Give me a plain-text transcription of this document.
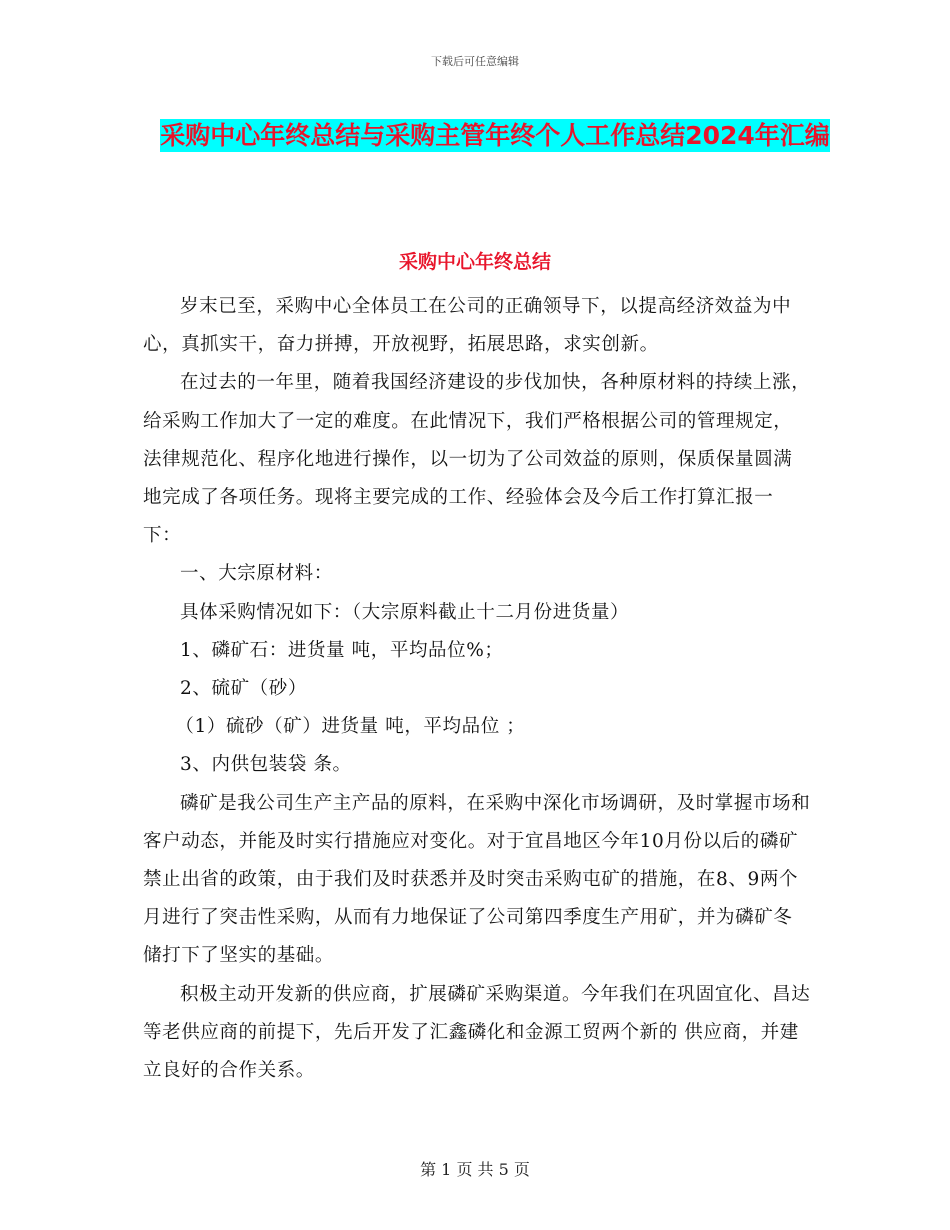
下载后可任意编辑
采购中心年终总结与采购主管年终个人工作总结2024年汇编
采购中心年终总结

岁末已至，采购中心全体员工在公司的正确领导下，以提高经济效益为中心，真抓实干，奋力拼搏，开放视野，拓展思路，求实创新。

在过去的一年里，随着我国经济建设的步伐加快，各种原材料的持续上涨，给采购工作加大了一定的难度。在此情况下，我们严格根据公司的管理规定，法律规范化、程序化地进行操作，以一切为了公司效益的原则，保质保量圆满地完成了各项任务。现将主要完成的工作、经验体会及今后工作打算汇报一下：

一、大宗原材料：

具体采购情况如下：（大宗原料截止十二月份进货量）

1、磷矿石：进货量 吨，平均品位%；

2、硫矿（砂）

（1）硫砂（矿）进货量 吨，平均品位 ；

3、内供包装袋 条。

磷矿是我公司生产主产品的原料，在采购中深化市场调研，及时掌握市场和客户动态，并能及时实行措施应对变化。对于宜昌地区今年10月份以后的磷矿禁止出省的政策，由于我们及时获悉并及时突击采购屯矿的措施，在8、9两个月进行了突击性采购，从而有力地保证了公司第四季度生产用矿，并为磷矿冬储打下了坚实的基础。

积极主动开发新的供应商，扩展磷矿采购渠道。今年我们在巩固宜化、昌达等老供应商的前提下，先后开发了汇鑫磷化和金源工贸两个新的 供应商，并建立良好的合作关系。

第 1 页 共 5 页
